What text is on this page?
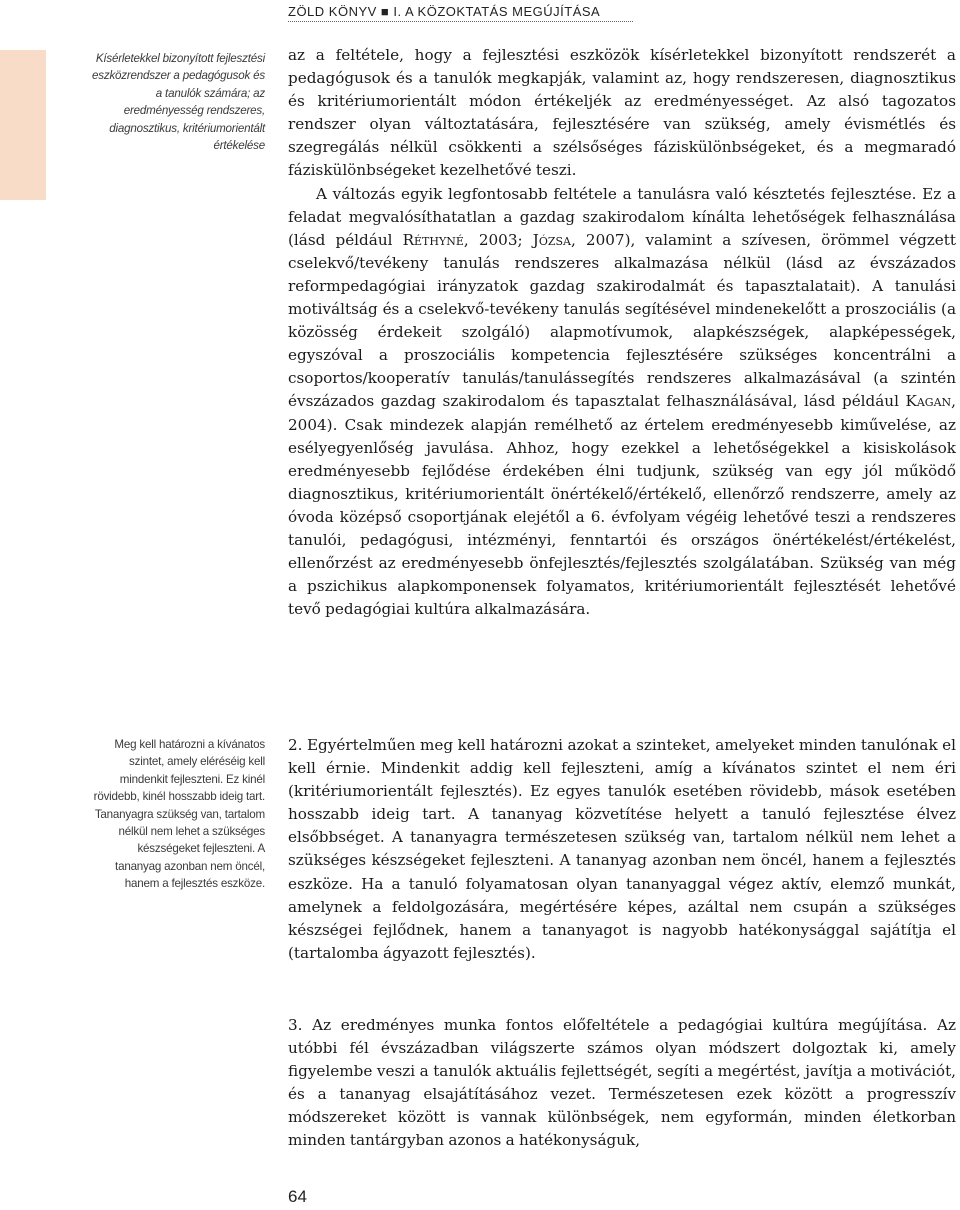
ZÖLD KÖNYV ■ I. A KÖZOKTATÁS MEGÚJÍTÁSA

Kísérletekkel bizonyított fejlesztési eszközrendszer a pedagógusok és a tanulók számára; az eredményesség rendszeres, diagnosztikus, kritériumorientált értékelése

Meg kell határozni a kívánatos szintet, amely eléréséig kell mindenkit fejleszteni. Ez kinél rövidebb, kinél hosszabb ideig tart. Tananyagra szükség van, tartalom nélkül nem lehet a szükséges készségeket fejleszteni. A tananyag azonban nem öncél, hanem a fejlesztés eszköze.

az a feltétele, hogy a fejlesztési eszközök kísérletekkel bizonyított rendszerét a pedagógusok és a tanulók megkapják, valamint az, hogy rendszeresen, diagnosztikus és kritériumorientált módon értékeljék az eredményességet. Az alsó tagozatos rendszer olyan változtatására, fejlesztésére van szükség, amely évismétlés és szegregálás nélkül csökkenti a szélsőséges fáziskülönbségeket, és a megmaradó fáziskülönbségeket kezelhetővé teszi.

A változás egyik legfontosabb feltétele a tanulásra való késztetés fejlesztése. Ez a feladat megvalósíthatatlan a gazdag szakirodalom kínálta lehetőségek felhasználása (lásd például Réthyné, 2003; Józsa, 2007), valamint a szívesen, örömmel végzett cselekvő/tevékeny tanulás rendszeres alkalmazása nélkül (lásd az évszázados reformpedagógiai irányzatok gazdag szakirodalmát és tapasztalatait). A tanulási motiváltság és a cselekvő-tevékeny tanulás segítésével mindenekelőtt a proszociális (a közösség érdekeit szolgáló) alapmotívumok, alapkészségek, alapképességek, egyszóval a proszociális kompetencia fejlesztésére szükséges koncentrálni a csoportos/kooperatív tanulás/tanulássegítés rendszeres alkalmazásával (a szintén évszázados gazdag szakirodalom és tapasztalat felhasználásával, lásd például Kagan, 2004). Csak mindezek alapján remélhető az értelem eredményesebb kiművelése, az esélyegyenlőség javulása. Ahhoz, hogy ezekkel a lehetőségekkel a kisiskolások eredményesebb fejlődése érdekében élni tudjunk, szükség van egy jól működő diagnosztikus, kritériumorientált önértékelő/értékelő, ellenőrző rendszerre, amely az óvoda középső csoportjának elejétől a 6. évfolyam végéig lehetővé teszi a rendszeres tanulói, pedagógusi, intézményi, fenntartói és országos önértékelést/értékelést, ellenőrzést az eredményesebb önfejlesztés/fejlesztés szolgálatában. Szükség van még a pszichikus alapkomponensek folyamatos, kritériumorientált fejlesztését lehetővé tevő pedagógiai kultúra alkalmazására.

2. Egyértelműen meg kell határozni azokat a szinteket, amelyeket minden tanulónak el kell érnie. Mindenkit addig kell fejleszteni, amíg a kívánatos szintet el nem éri (kritériumorientált fejlesztés). Ez egyes tanulók esetében rövidebb, mások esetében hosszabb ideig tart. A tananyag közvetítése helyett a tanuló fejlesztése élvez elsőbbséget. A tananyagra természetesen szükség van, tartalom nélkül nem lehet a szükséges készségeket fejleszteni. A tananyag azonban nem öncél, hanem a fejlesztés eszköze. Ha a tanuló folyamatosan olyan tananyaggal végez aktív, elemző munkát, amelynek a feldolgozására, megértésére képes, azáltal nem csupán a szükséges készségei fejlődnek, hanem a tananyagot is nagyobb hatékonysággal sajátítja el (tartalomba ágyazott fejlesztés).

3. Az eredményes munka fontos előfeltétele a pedagógiai kultúra megújítása. Az utóbbi fél évszázadban világszerte számos olyan módszert dolgoztak ki, amely figyelembe veszi a tanulók aktuális fejlettségét, segíti a megértést, javítja a motivációt, és a tananyag elsajátításához vezet. Természetesen ezek között a progresszív módszereket között is vannak különbségek, nem egyformán, minden életkorban minden tantárgyban azonos a hatékonyságuk,

64
